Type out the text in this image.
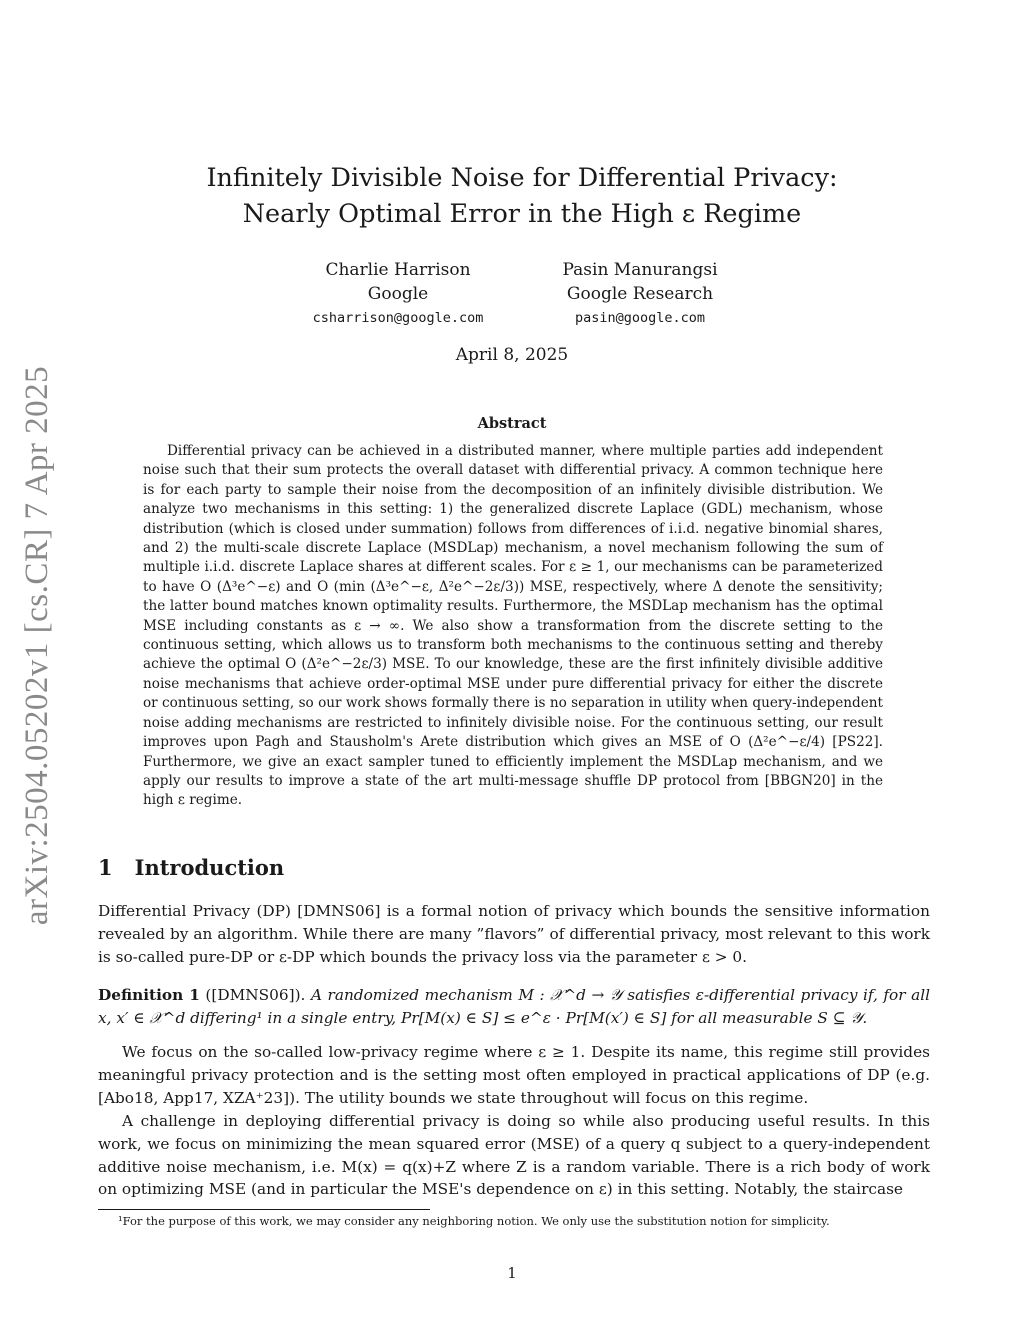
arXiv:2504.05202v1 [cs.CR] 7 Apr 2025
Infinitely Divisible Noise for Differential Privacy:
Nearly Optimal Error in the High ε Regime
Charlie Harrison
Google
csharrison@google.com
Pasin Manurangsi
Google Research
pasin@google.com
April 8, 2025
Abstract
Differential privacy can be achieved in a distributed manner, where multiple parties add independent noise such that their sum protects the overall dataset with differential privacy. A common technique here is for each party to sample their noise from the decomposition of an infinitely divisible distribution. We analyze two mechanisms in this setting: 1) the generalized discrete Laplace (GDL) mechanism, whose distribution (which is closed under summation) follows from differences of i.i.d. negative binomial shares, and 2) the multi-scale discrete Laplace (MSDLap) mechanism, a novel mechanism following the sum of multiple i.i.d. discrete Laplace shares at different scales. For ε ≥ 1, our mechanisms can be parameterized to have O (Δ³e^−ε) and O (min (Δ³e^−ε, Δ²e^−2ε/3)) MSE, respectively, where Δ denote the sensitivity; the latter bound matches known optimality results. Furthermore, the MSDLap mechanism has the optimal MSE including constants as ε → ∞. We also show a transformation from the discrete setting to the continuous setting, which allows us to transform both mechanisms to the continuous setting and thereby achieve the optimal O (Δ²e^−2ε/3) MSE. To our knowledge, these are the first infinitely divisible additive noise mechanisms that achieve order-optimal MSE under pure differential privacy for either the discrete or continuous setting, so our work shows formally there is no separation in utility when query-independent noise adding mechanisms are restricted to infinitely divisible noise. For the continuous setting, our result improves upon Pagh and Stausholm's Arete distribution which gives an MSE of O (Δ²e^−ε/4) [PS22]. Furthermore, we give an exact sampler tuned to efficiently implement the MSDLap mechanism, and we apply our results to improve a state of the art multi-message shuffle DP protocol from [BBGN20] in the high ε regime.
1 Introduction
Differential Privacy (DP) [DMNS06] is a formal notion of privacy which bounds the sensitive information revealed by an algorithm. While there are many ”flavors” of differential privacy, most relevant to this work is so-called pure-DP or ε-DP which bounds the privacy loss via the parameter ε > 0.
Definition 1 ([DMNS06]). A randomized mechanism M : 𝒳^d → 𝒴 satisfies ε-differential privacy if, for all x, x′ ∈ 𝒳^d differing¹ in a single entry, Pr[M(x) ∈ S] ≤ e^ε · Pr[M(x′) ∈ S] for all measurable S ⊆ 𝒴.
We focus on the so-called low-privacy regime where ε ≥ 1. Despite its name, this regime still provides meaningful privacy protection and is the setting most often employed in practical applications of DP (e.g. [Abo18, App17, XZA⁺23]). The utility bounds we state throughout will focus on this regime.
A challenge in deploying differential privacy is doing so while also producing useful results. In this work, we focus on minimizing the mean squared error (MSE) of a query q subject to a query-independent additive noise mechanism, i.e. M(x) = q(x)+Z where Z is a random variable. There is a rich body of work on optimizing MSE (and in particular the MSE's dependence on ε) in this setting. Notably, the staircase
¹For the purpose of this work, we may consider any neighboring notion. We only use the substitution notion for simplicity.
1
